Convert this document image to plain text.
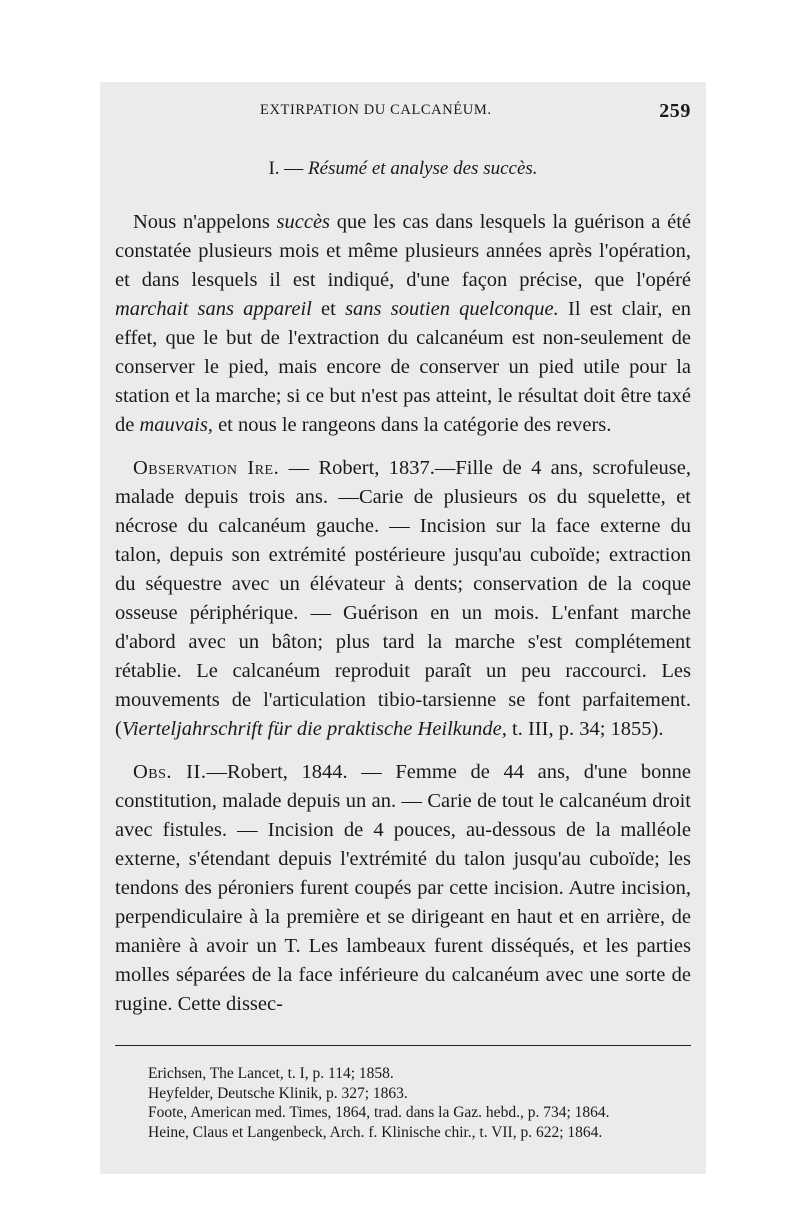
EXTIRPATION DU CALCANÉUM.	259
I. — Résumé et analyse des succès.

Nous n'appelons succès que les cas dans lesquels la guérison a été constatée plusieurs mois et même plusieurs années après l'opération, et dans lesquels il est indiqué, d'une façon précise, que l'opéré marchait sans appareil et sans soutien quelconque. Il est clair, en effet, que le but de l'extraction du calcanéum est non-seulement de conserver le pied, mais encore de conserver un pied utile pour la station et la marche; si ce but n'est pas atteint, le résultat doit être taxé de mauvais, et nous le rangeons dans la catégorie des revers.

Observation Ire. — Robert, 1837.—Fille de 4 ans, scrofuleuse, malade depuis trois ans. —Carie de plusieurs os du squelette, et nécrose du calcanéum gauche. — Incision sur la face externe du talon, depuis son extrémité postérieure jusqu'au cuboïde; extraction du séquestre avec un élévateur à dents; conservation de la coque osseuse périphérique. — Guérison en un mois. L'enfant marche d'abord avec un bâton; plus tard la marche s'est complétement rétablie. Le calcanéum reproduit paraît un peu raccourci. Les mouvements de l'articulation tibio-tarsienne se font parfaitement. (Vierteljahrschrift für die praktische Heilkunde, t. III, p. 34; 1855).

Obs. II.—Robert, 1844. — Femme de 44 ans, d'une bonne constitution, malade depuis un an. — Carie de tout le calcanéum droit avec fistules. — Incision de 4 pouces, au-dessous de la malléole externe, s'étendant depuis l'extrémité du talon jusqu'au cuboïde; les tendons des péroniers furent coupés par cette incision. Autre incision, perpendiculaire à la première et se dirigeant en haut et en arrière, de manière à avoir un T. Les lambeaux furent disséqués, et les parties molles séparées de la face inférieure du calcanéum avec une sorte de rugine. Cette dissec-

Erichsen, The Lancet, t. I, p. 114; 1858.
Heyfelder, Deutsche Klinik, p. 327; 1863.
Foote, American med. Times, 1864, trad. dans la Gaz. hebd., p. 734; 1864.
Heine, Claus et Langenbeck, Arch. f. Klinische chir., t. VII, p. 622; 1864.
